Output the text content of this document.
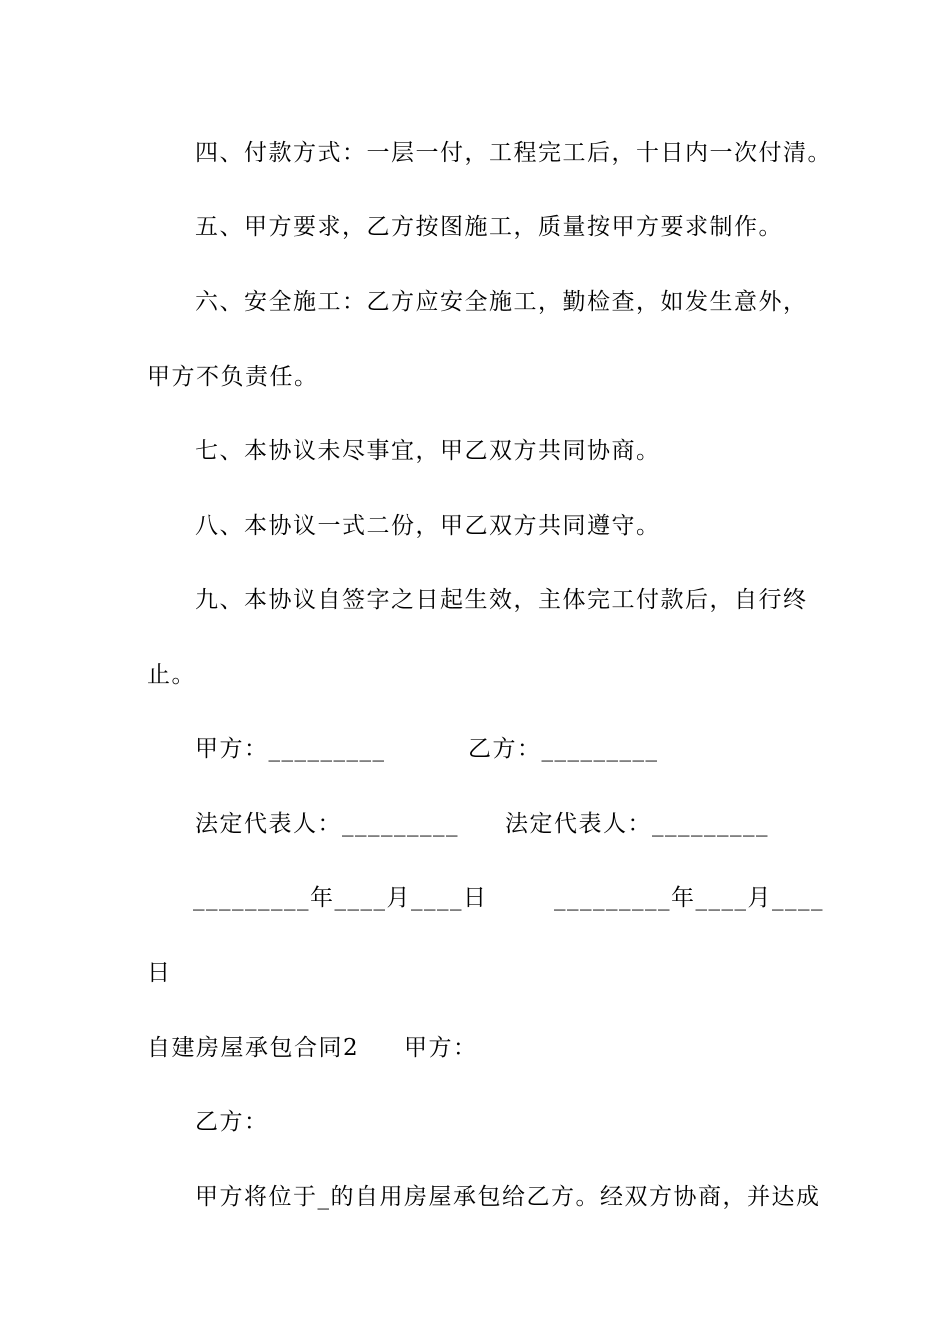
四、付款方式：一层一付，工程完工后，十日内一次付清。
五、甲方要求，乙方按图施工，质量按甲方要求制作。
六、安全施工：乙方应安全施工，勤检查，如发生意外，
甲方不负责任。
七、本协议未尽事宜，甲乙双方共同协商。
八、本协议一式二份，甲乙双方共同遵守。
九、本协议自签字之日起生效，主体完工付款后，自行终
止。
甲方：_________	乙方：_________
法定代表人：_________ 法定代表人：_________
_________年____月____日	_________年____月____
日
自建房屋承包合同2 甲方：
乙方：
甲方将位于_的自用房屋承包给乙方。经双方协商，并达成
